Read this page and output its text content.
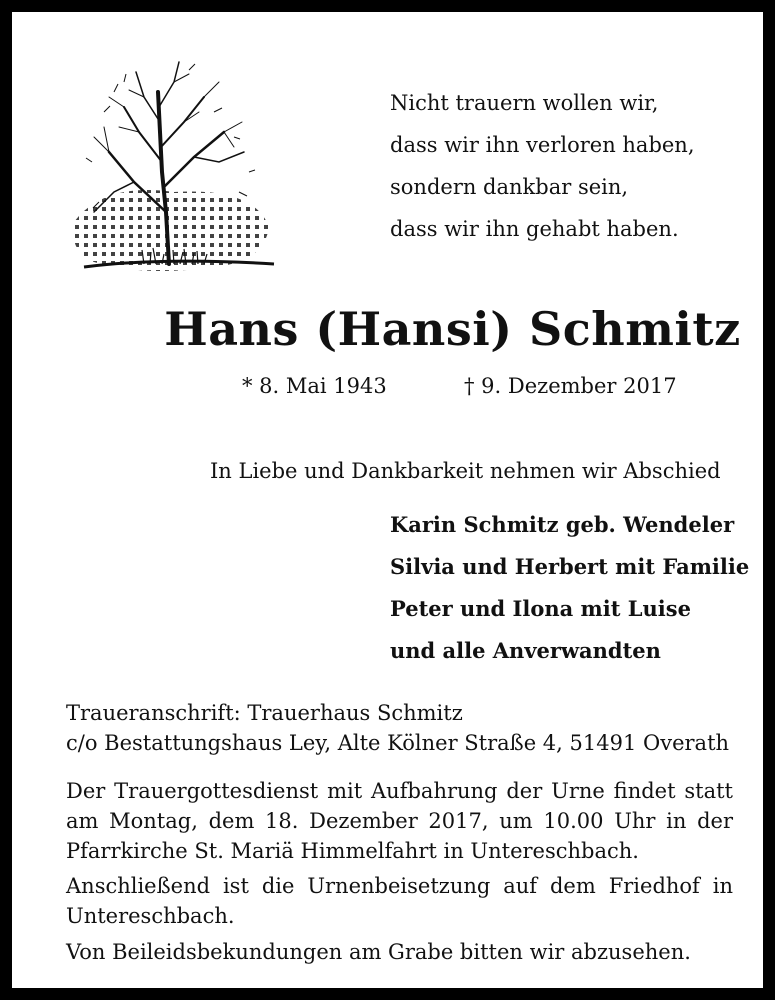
Nicht trauern wollen wir,
dass wir ihn verloren haben,
sondern dankbar sein,
dass wir ihn gehabt haben.
Hans (Hansi) Schmitz
* 8. Mai 1943	† 9. Dezember 2017
In Liebe und Dankbarkeit nehmen wir Abschied
Karin Schmitz geb. Wendeler
Silvia und Herbert mit Familie
Peter und Ilona mit Luise
und alle Anverwandten
Traueranschrift: Trauerhaus Schmitz
c/o Bestattungshaus Ley, Alte Kölner Straße 4, 51491 Overath
Der Trauergottesdienst mit Aufbahrung der Urne findet statt am Montag, dem 18. Dezember 2017, um 10.00 Uhr in der Pfarrkirche St. Mariä Himmelfahrt in Untereschbach.
Anschließend ist die Urnenbeisetzung auf dem Friedhof in Untereschbach.
Von Beileidsbekundungen am Grabe bitten wir abzusehen.
